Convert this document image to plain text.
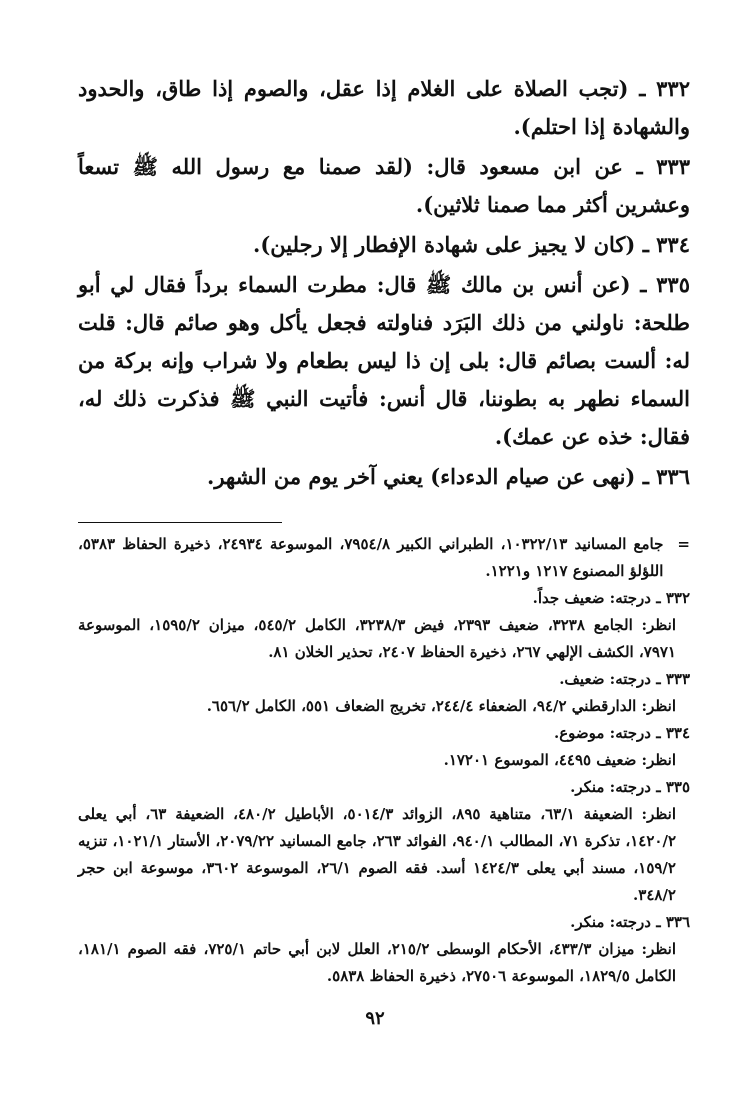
٣٣٢ ـ (تجب الصلاة على الغلام إذا عقل، والصوم إذا طاق، والحدود والشهادة إذا احتلم).

٣٣٣ ـ عن ابن مسعود قال: (لقد صمنا مع رسول الله ﷺ تسعاً وعشرين أكثر مما صمنا ثلاثين).

٣٣٤ ـ (كان لا يجيز على شهادة الإفطار إلا رجلين).

٣٣٥ ـ (عن أنس بن مالك ﷺ قال: مطرت السماء برداً فقال لي أبو طلحة: ناولني من ذلك البَرَد فناولته فجعل يأكل وهو صائم قال: قلت له: ألست بصائم قال: بلى إن ذا ليس بطعام ولا شراب وإنه بركة من السماء نطهر به بطوننا، قال أنس: فأتيت النبي ﷺ فذكرت ذلك له، فقال: خذه عن عمك).

٣٣٦ ـ (نهى عن صيام الدءداء) يعني آخر يوم من الشهر.

=
جامع المسانيد ١٠٣٢٢/١٣، الطبراني الكبير ٧٩٥٤/٨، الموسوعة ٢٤٩٣٤، ذخيرة الحفاظ ٥٣٨٣، اللؤلؤ المصنوع ١٢١٧ و١٢٢١.
٣٣٢ ـ درجته: ضعيف جداً.
انظر: الجامع ٣٢٣٨، ضعيف ٢٣٩٣، فيض ٣٢٣٨/٣، الكامل ٥٤٥/٢، ميزان ١٥٩٥/٢، الموسوعة ٧٩٧١، الكشف الإلهي ٢٦٧، ذخيرة الحفاظ ٢٤٠٧، تحذير الخلان ٨١.
٣٣٣ ـ درجته: ضعيف.
انظر: الدارقطني ٩٤/٢، الضعفاء ٢٤٤/٤، تخريج الضعاف ٥٥١، الكامل ٦٥٦/٢.
٣٣٤ ـ درجته: موضوع.
انظر: ضعيف ٤٤٩٥، الموسوع ١٧٢٠١.
٣٣٥ ـ درجته: منكر.
انظر: الضعيفة ٦٣/١، متناهية ٨٩٥، الزوائد ٥٠١٤/٣، الأباطيل ٤٨٠/٢، الضعيفة ٦٣، أبي يعلى ١٤٢٠/٢، تذكرة ٧١، المطالب ٩٤٠/١، الفوائد ٢٦٣، جامع المسانيد ٢٠٧٩/٢٢، الأستار ١٠٢١/١، تنزيه ١٥٩/٢، مسند أبي يعلى ١٤٢٤/٣ أسد. فقه الصوم ٢٦/١، الموسوعة ٣٦٠٢، موسوعة ابن حجر ٣٤٨/٢.
٣٣٦ ـ درجته: منكر.
انظر: ميزان ٤٣٣/٣، الأحكام الوسطى ٢١٥/٢، العلل لابن أبي حاتم ٧٢٥/١، فقه الصوم ١٨١/١، الكامل ١٨٢٩/٥، الموسوعة ٢٧٥٠٦، ذخيرة الحفاظ ٥٨٣٨.
٩٢
